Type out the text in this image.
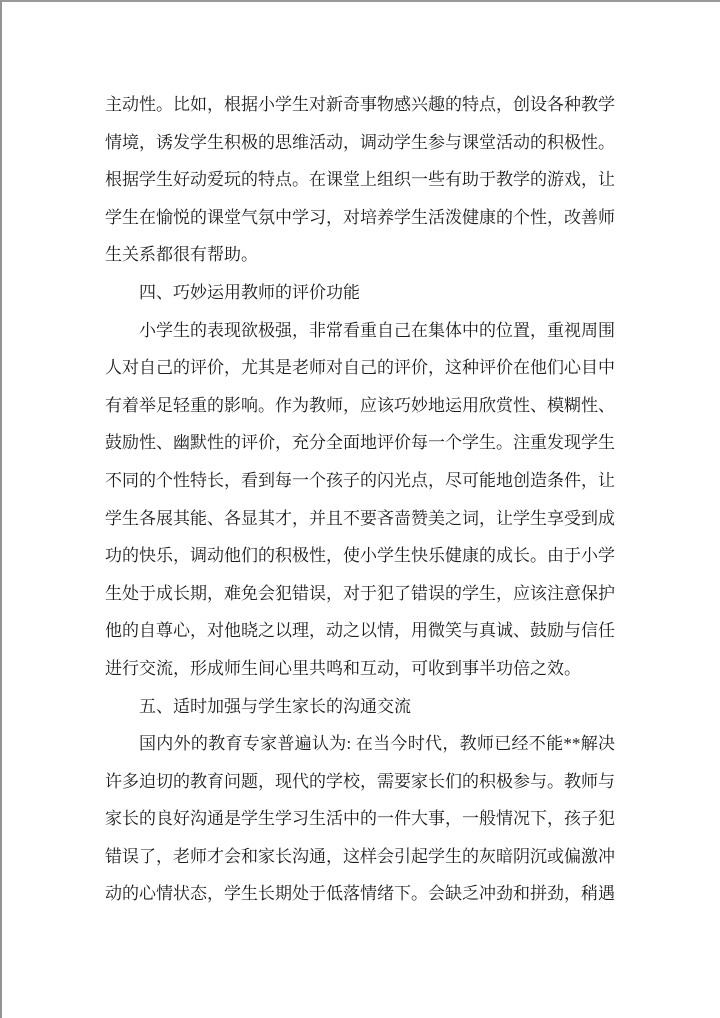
主动性。比如，根据小学生对新奇事物感兴趣的特点，创设各种教学
情境，诱发学生积极的思维活动，调动学生参与课堂活动的积极性。
根据学生好动爱玩的特点。在课堂上组织一些有助于教学的游戏，让
学生在愉悦的课堂气氛中学习，对培养学生活泼健康的个性，改善师
生关系都很有帮助。
四、巧妙运用教师的评价功能
小学生的表现欲极强，非常看重自己在集体中的位置，重视周围
人对自己的评价，尤其是老师对自己的评价，这种评价在他们心目中
有着举足轻重的影响。作为教师，应该巧妙地运用欣赏性、模糊性、
鼓励性、幽默性的评价，充分全面地评价每一个学生。注重发现学生
不同的个性特长，看到每一个孩子的闪光点，尽可能地创造条件，让
学生各展其能、各显其才，并且不要吝啬赞美之词，让学生享受到成
功的快乐，调动他们的积极性，使小学生快乐健康的成长。由于小学
生处于成长期，难免会犯错误，对于犯了错误的学生，应该注意保护
他的自尊心，对他晓之以理，动之以情，用微笑与真诚、鼓励与信任
进行交流，形成师生间心里共鸣和互动，可收到事半功倍之效。
五、适时加强与学生家长的沟通交流
国内外的教育专家普遍认为: 在当今时代，教师已经不能**解决
许多迫切的教育问题，现代的学校，需要家长们的积极参与。教师与
家长的良好沟通是学生学习生活中的一件大事，一般情况下，孩子犯
错误了，老师才会和家长沟通，这样会引起学生的灰暗阴沉或偏激冲
动的心情状态，学生长期处于低落情绪下。会缺乏冲劲和拼劲，稍遇
